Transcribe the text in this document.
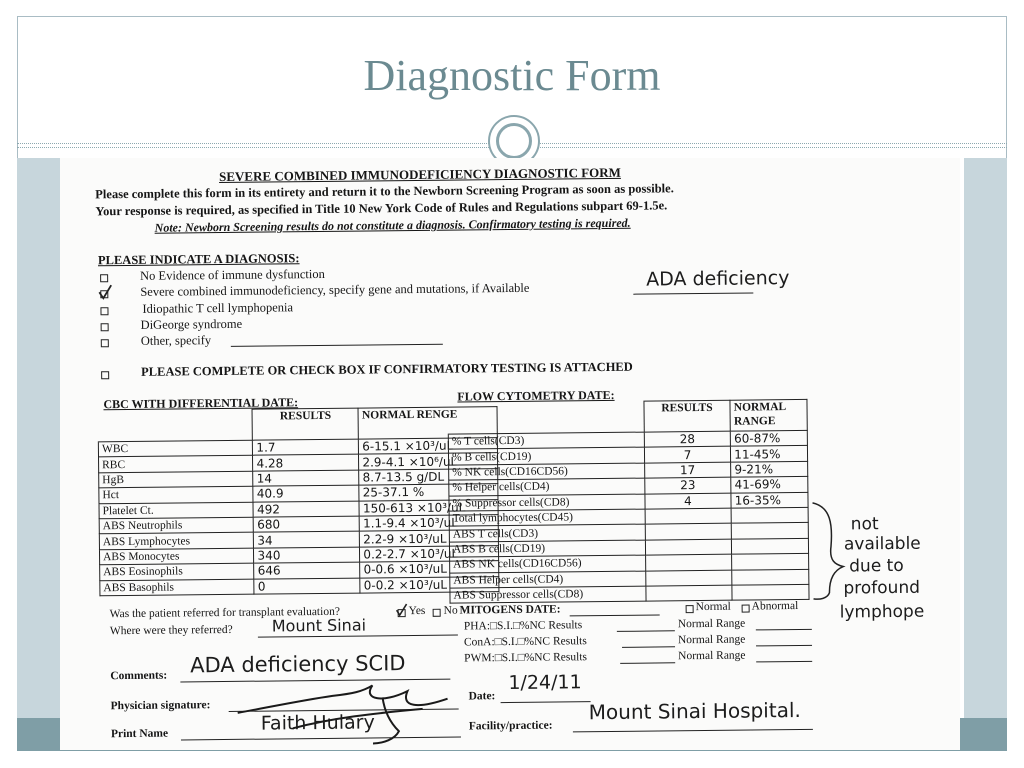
Diagnostic Form
SEVERE COMBINED IMMUNODEFICIENCY DIAGNOSTIC FORM
Please complete this form in its entirety and return it to the Newborn Screening Program as soon as possible.
Your response is required, as specified in Title 10 New York Code of Rules and Regulations subpart 69-1.5e.
Note: Newborn Screening results do not constitute a diagnosis. Confirmatory testing is required.
PLEASE INDICATE A DIAGNOSIS:
No Evidence of immune dysfunction
Severe combined immunodeficiency, specify gene and mutations, if Available	ADA deficiency
Idiopathic T cell lymphopenia
DiGeorge syndrome
Other, specify
PLEASE COMPLETE OR CHECK BOX IF CONFIRMATORY TESTING IS ATTACHED
CBC WITH DIFFERENTIAL DATE:
	RESULTS	NORMAL RENGE
WBC	1.7	6-15.1 ×10³/uL
RBC	4.28	2.9-4.1 ×10⁶/uL
HgB	14	8.7-13.5 g/DL
Hct	40.9	25-37.1 %
Platelet Ct.	492	150-613 ×10³/uL
ABS Neutrophils	680	1.1-9.4 ×10³/uL
ABS Lymphocytes	34	2.2-9 ×10³/uL
ABS Monocytes	340	0.2-2.7 ×10³/uL
ABS Eosinophils	646	0-0.6 ×10³/uL
ABS Basophils	0	0-0.2 ×10³/uL
FLOW CYTOMETRY DATE:
	RESULTS	NORMAL RANGE
% T cells(CD3)	28	60-87%
% B cells(CD19)	7	11-45%
% NK cells(CD16CD56)	17	9-21%
% Helper cells(CD4)	23	41-69%
% Suppressor cells(CD8)	4	16-35%
Total lymphocytes(CD45)		
ABS T cells(CD3)		
ABS B cells(CD19)		
ABS NK cells(CD16CD56)		
ABS Helper cells(CD4)		
ABS Suppressor cells(CD8)		
not
available
due to
profound
lymphope
Was the patient referred for transplant evaluation?	Yes No
Where were they referred? Mount Sinai
MITOGENS DATE:	Normal Abnormal
PHA:□S.I.□%NC Results	Normal Range
ConA:□S.I.□%NC Results	Normal Range
PWM:□S.I.□%NC Results	Normal Range
Comments: ADA deficiency SCID
Physician signature:
Date:
1/24/11
Print Name	Faith Hulary	Facility/practice:
Mount Sinai Hospital.
